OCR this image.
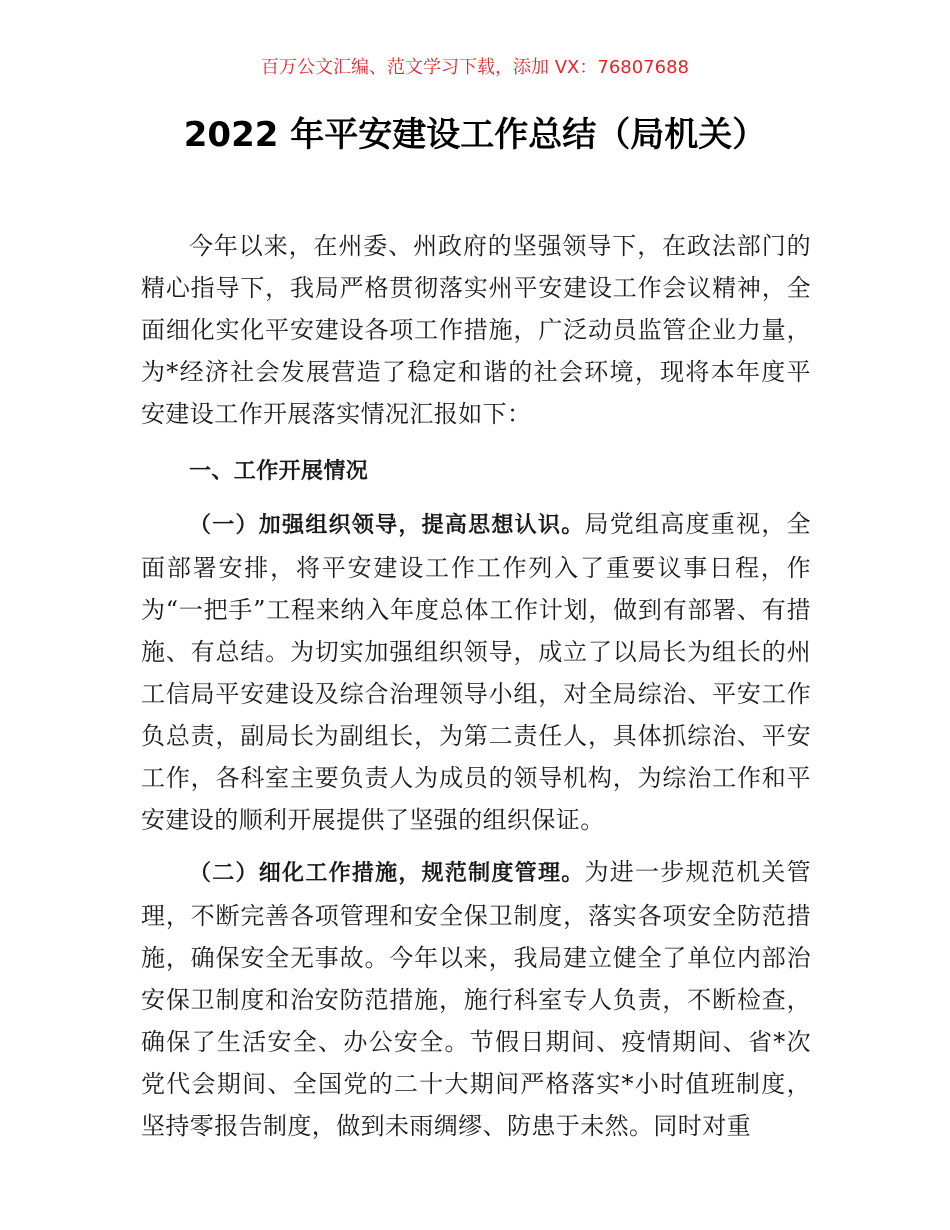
百万公文汇编、范文学习下载，添加 VX：76807688
2022 年平安建设工作总结（局机关）

今年以来，在州委、州政府的坚强领导下，在政法部门的精心指导下，我局严格贯彻落实州平安建设工作会议精神，全面细化实化平安建设各项工作措施，广泛动员监管企业力量，为*经济社会发展营造了稳定和谐的社会环境，现将本年度平安建设工作开展落实情况汇报如下：

一、工作开展情况

（一）加强组织领导，提高思想认识。局党组高度重视，全面部署安排，将平安建设工作工作列入了重要议事日程，作为“一把手”工程来纳入年度总体工作计划，做到有部署、有措施、有总结。为切实加强组织领导，成立了以局长为组长的州工信局平安建设及综合治理领导小组，对全局综治、平安工作负总责，副局长为副组长，为第二责任人，具体抓综治、平安工作，各科室主要负责人为成员的领导机构，为综治工作和平安建设的顺利开展提供了坚强的组织保证。

（二）细化工作措施，规范制度管理。为进一步规范机关管理，不断完善各项管理和安全保卫制度，落实各项安全防范措施，确保安全无事故。今年以来，我局建立健全了单位内部治安保卫制度和治安防范措施，施行科室专人负责，不断检查，确保了生活安全、办公安全。节假日期间、疫情期间、省*次党代会期间、全国党的二十大期间严格落实*小时值班制度，坚持零报告制度，做到未雨绸缪、防患于未然。同时对重
